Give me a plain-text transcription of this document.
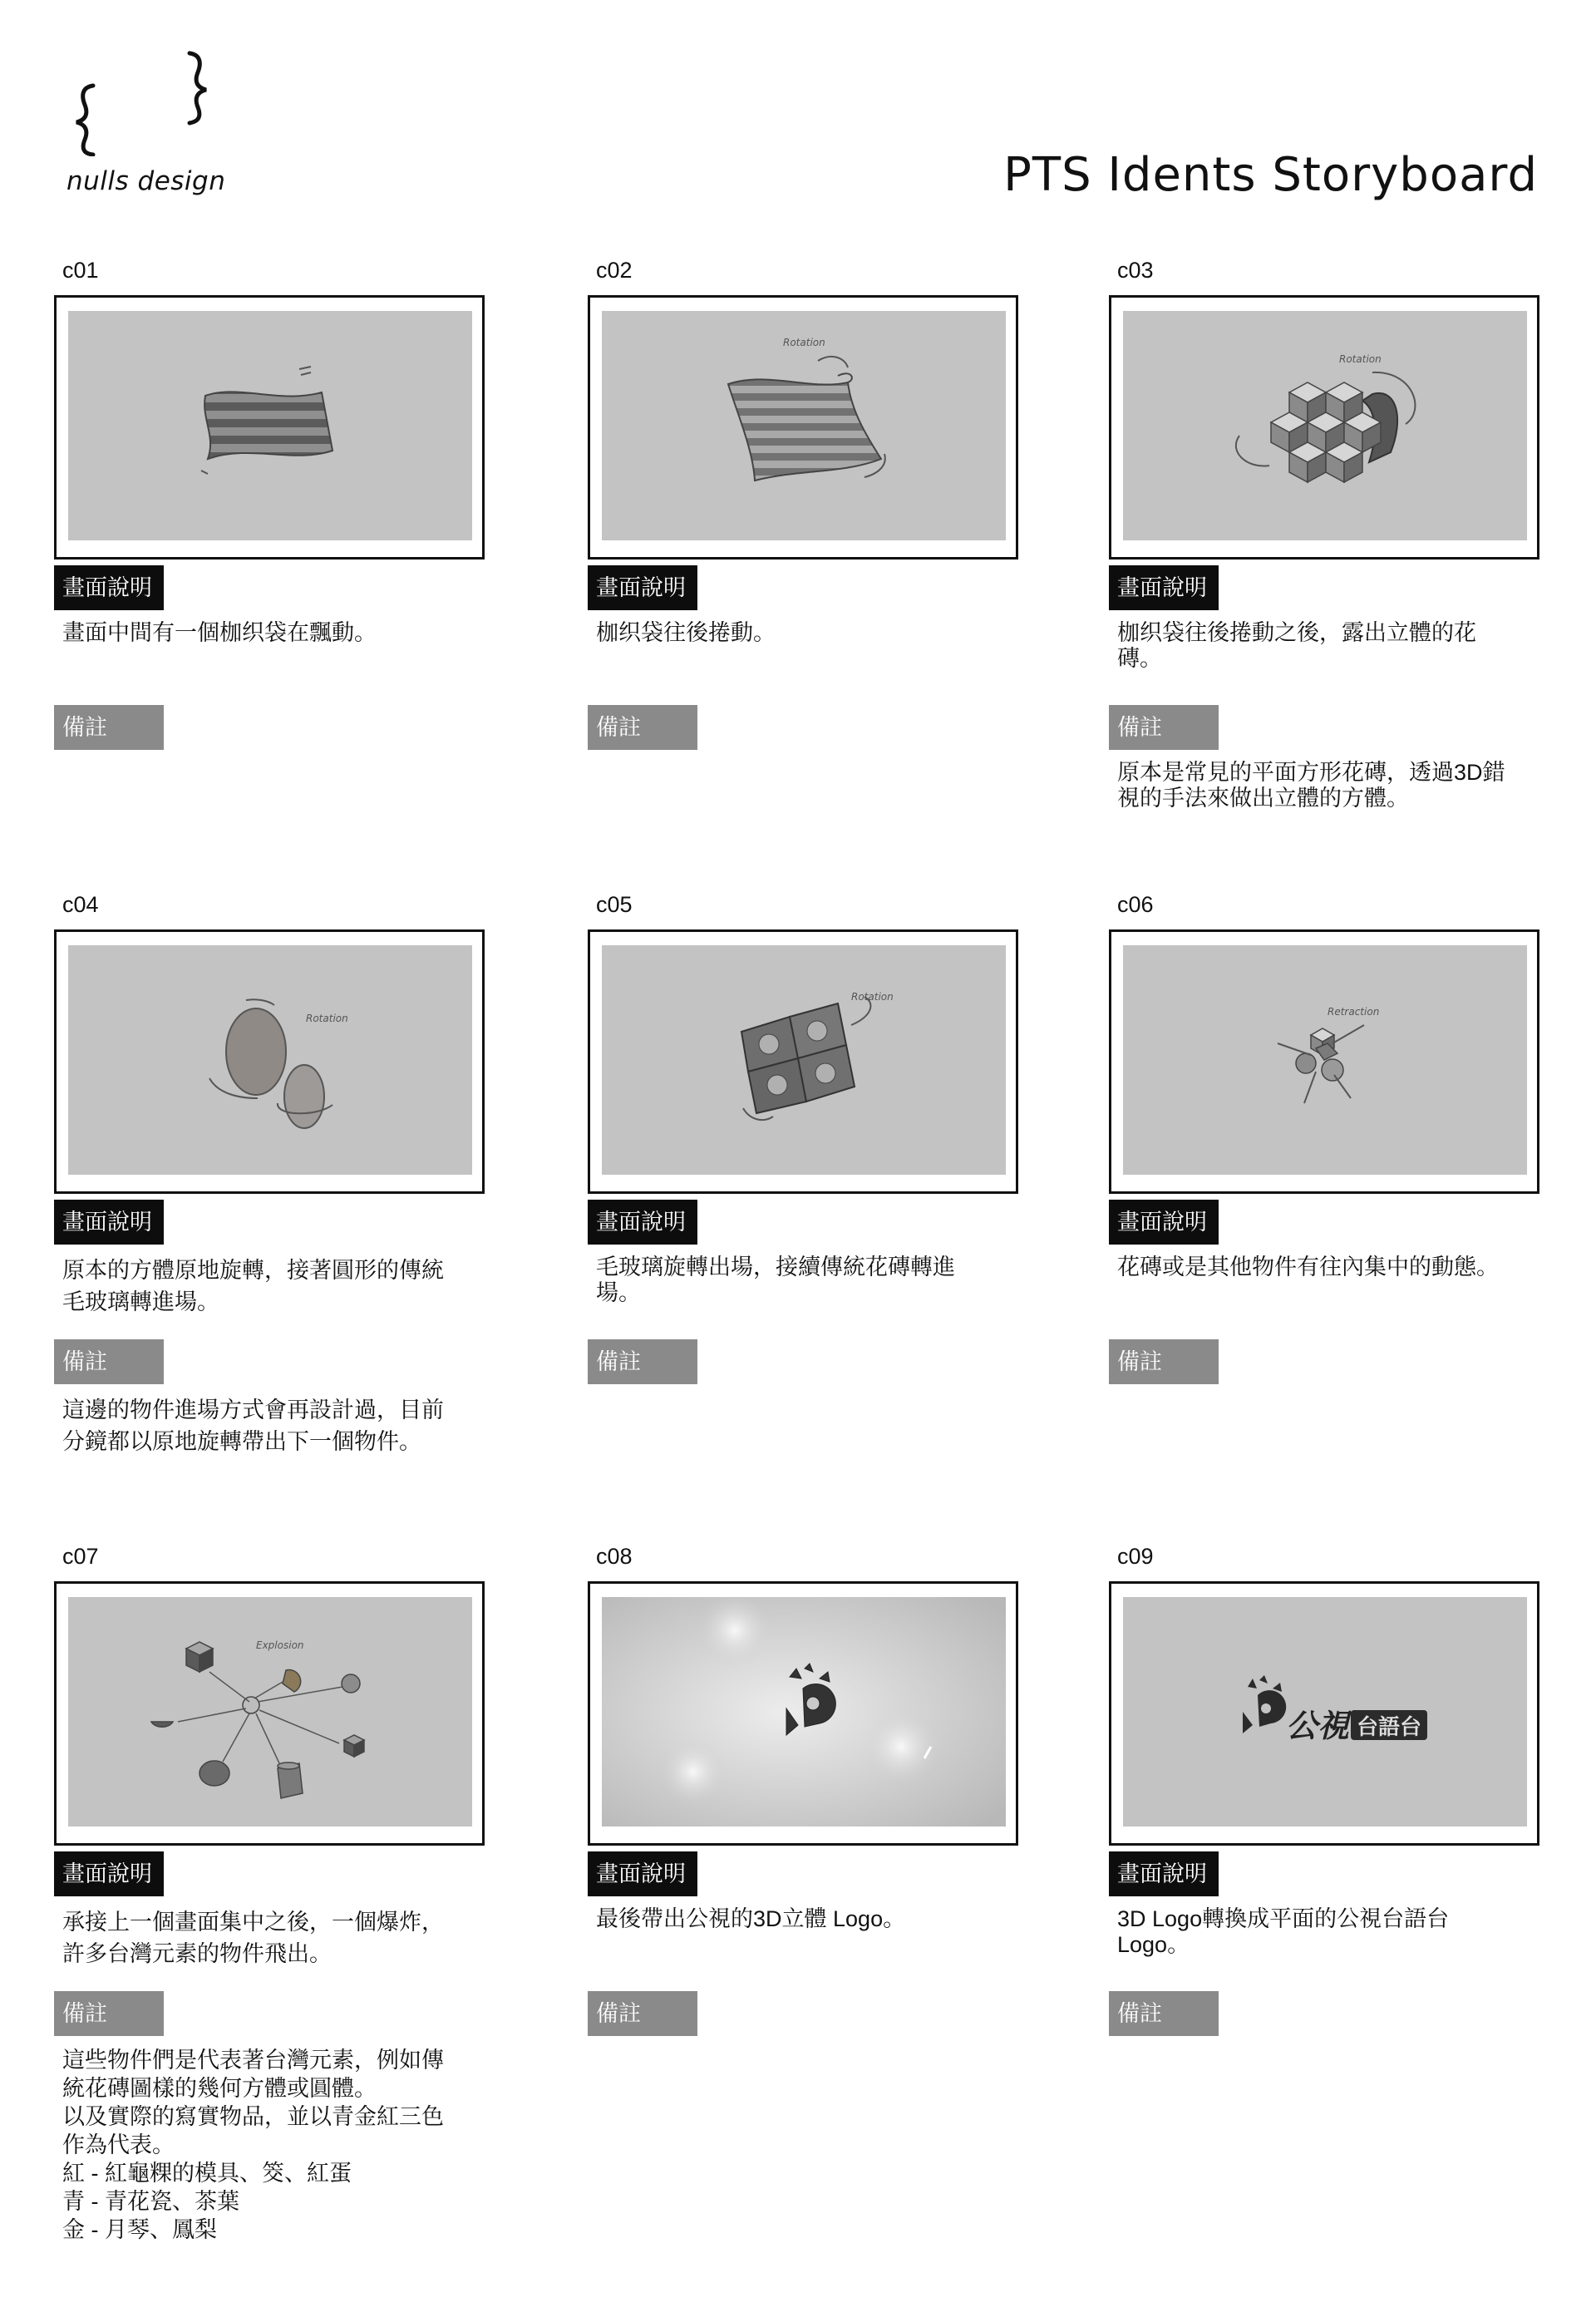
nulls design	PTS Idents Storyboard
c01
畫面說明
畫面中間有一個枷织袋在飄動。
備註
c02
Rotation
畫面說明
枷织袋往後捲動。
備註
c03
Rotation
畫面說明
枷织袋往後捲動之後，露出立體的花磚。
備註
原本是常見的平面方形花磚，透過3D錯
視的手法來做出立體的方體。
c04
Rotation
畫面說明
原本的方體原地旋轉，接著圓形的傳統
毛玻璃轉進場。
備註
這邊的物件進場方式會再設計過，目前
分鏡都以原地旋轉帶出下一個物件。
c05
Rotation
畫面說明
毛玻璃旋轉出場，接續傳統花磚轉進
場。
備註
c06
Retraction
畫面說明
花磚或是其他物件有往內集中的動態。
備註
c07
Explosion
畫面說明
承接上一個畫面集中之後，一個爆炸，
許多台灣元素的物件飛出。
備註
這些物件們是代表著台灣元素，例如傳
統花磚圖樣的幾何方體或圓體。
以及實際的寫實物品，並以青金紅三色
作為代表。
紅 - 紅龜粿的模具、筊、紅蛋
青 - 青花瓷、茶葉
金 - 月琴、鳳梨
c08
畫面說明
最後帶出公視的3D立體 Logo。
備註
c09
公視 台語台
畫面說明
3D Logo轉換成平面的公視台語台Logo。
備註
